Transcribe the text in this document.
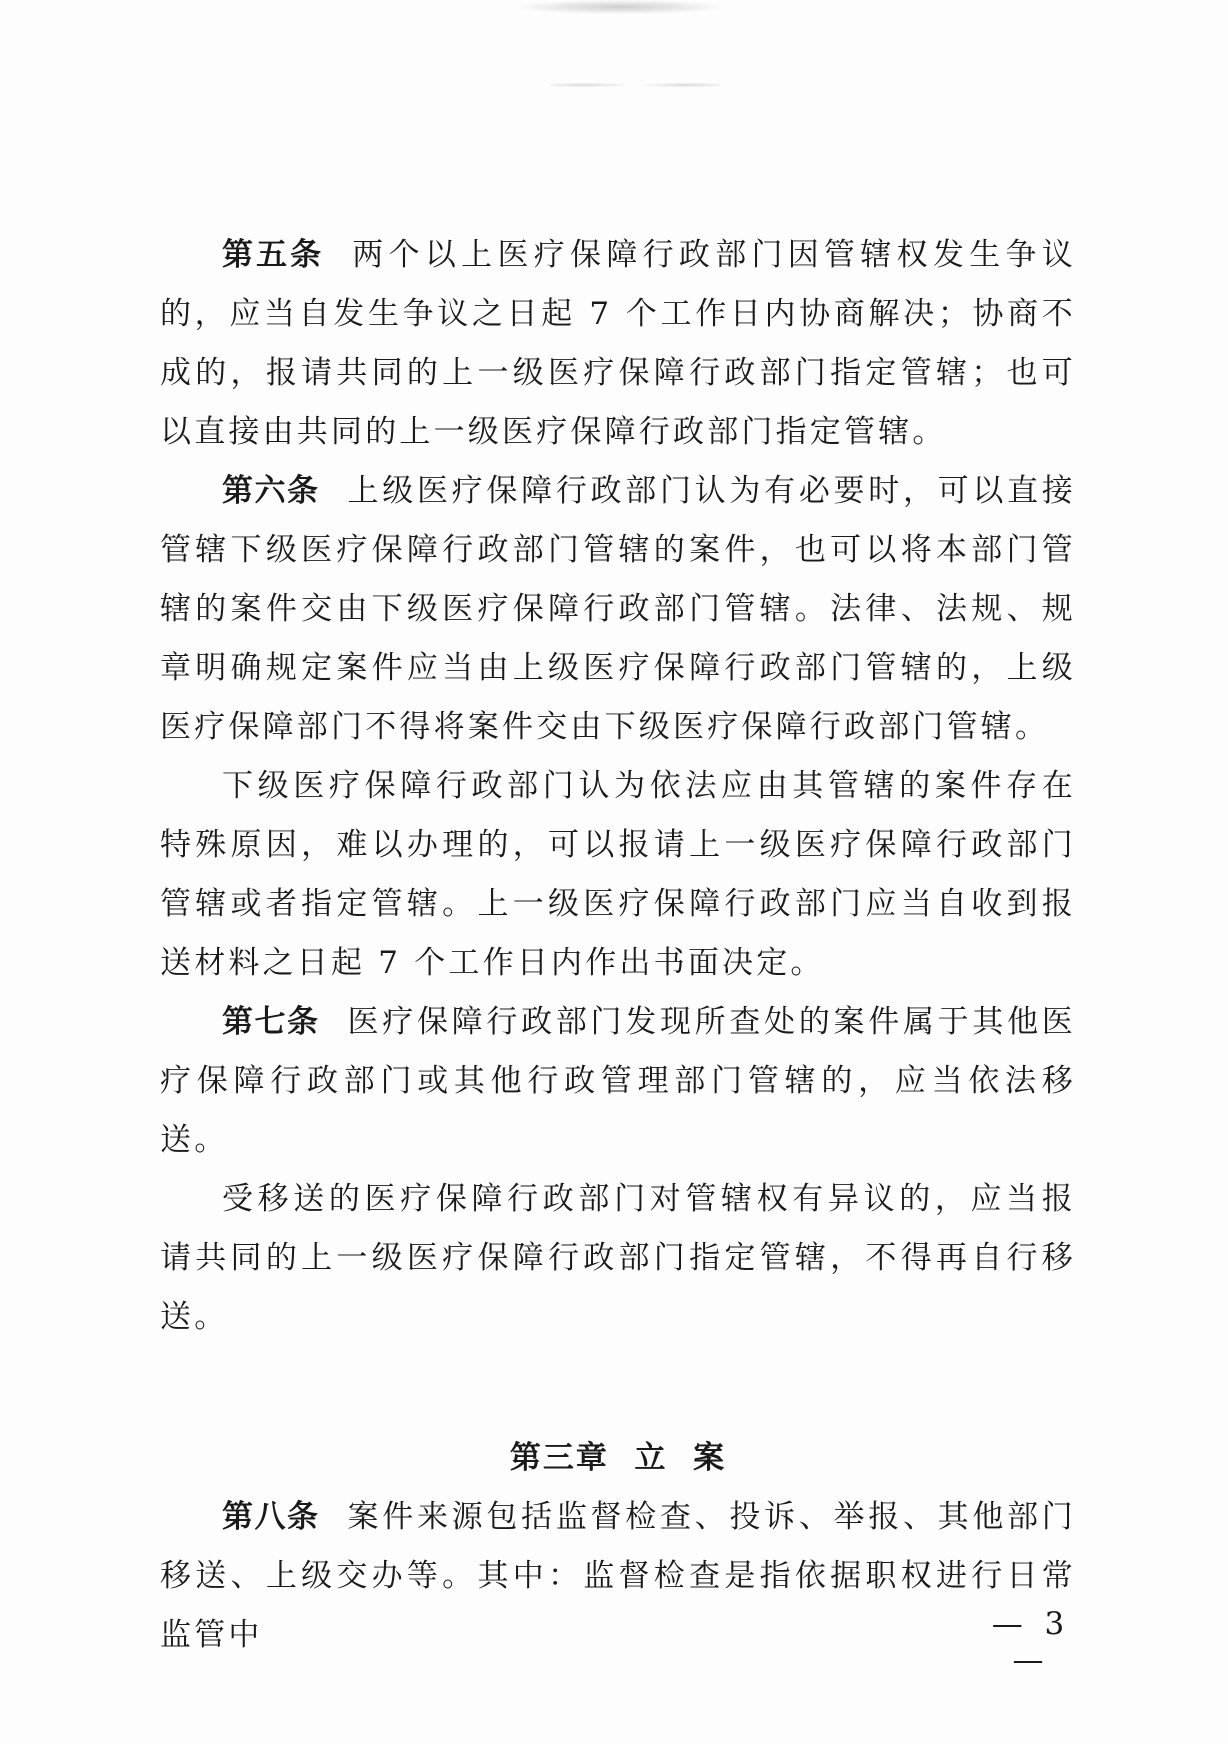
第五条 两个以上医疗保障行政部门因管辖权发生争议的，应当自发生争议之日起 7 个工作日内协商解决；协商不成的，报请共同的上一级医疗保障行政部门指定管辖；也可以直接由共同的上一级医疗保障行政部门指定管辖。

第六条 上级医疗保障行政部门认为有必要时，可以直接管辖下级医疗保障行政部门管辖的案件，也可以将本部门管辖的案件交由下级医疗保障行政部门管辖。法律、法规、规章明确规定案件应当由上级医疗保障行政部门管辖的，上级医疗保障部门不得将案件交由下级医疗保障行政部门管辖。

下级医疗保障行政部门认为依法应由其管辖的案件存在特殊原因，难以办理的，可以报请上一级医疗保障行政部门管辖或者指定管辖。上一级医疗保障行政部门应当自收到报送材料之日起 7 个工作日内作出书面决定。

第七条 医疗保障行政部门发现所查处的案件属于其他医疗保障行政部门或其他行政管理部门管辖的，应当依法移送。

受移送的医疗保障行政部门对管辖权有异议的，应当报请共同的上一级医疗保障行政部门指定管辖，不得再自行移送。

第三章  立  案

第八条 案件来源包括监督检查、投诉、举报、其他部门移送、上级交办等。其中：监督检查是指依据职权进行日常监管中	— 3 —
